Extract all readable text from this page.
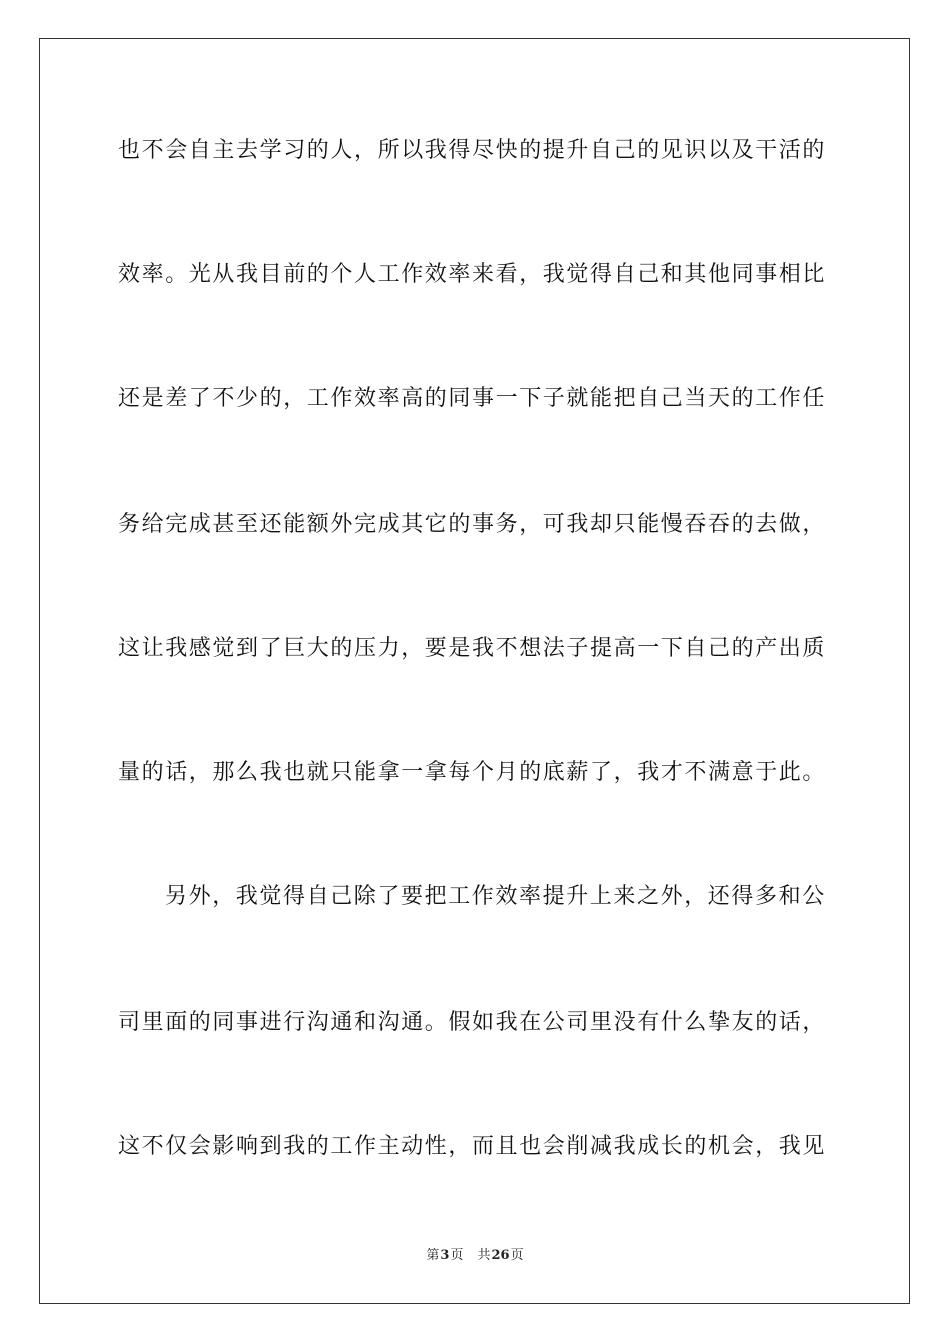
也不会自主去学习的人，所以我得尽快的提升自己的见识以及干活的
效率。光从我目前的个人工作效率来看，我觉得自己和其他同事相比
还是差了不少的，工作效率高的同事一下子就能把自己当天的工作任
务给完成甚至还能额外完成其它的事务，可我却只能慢吞吞的去做，
这让我感觉到了巨大的压力，要是我不想法子提高一下自己的产出质
量的话，那么我也就只能拿一拿每个月的底薪了，我才不满意于此。
另外，我觉得自己除了要把工作效率提升上来之外，还得多和公
司里面的同事进行沟通和沟通。假如我在公司里没有什么挚友的话，
这不仅会影响到我的工作主动性，而且也会削减我成长的机会，我见
第3页 共26页
